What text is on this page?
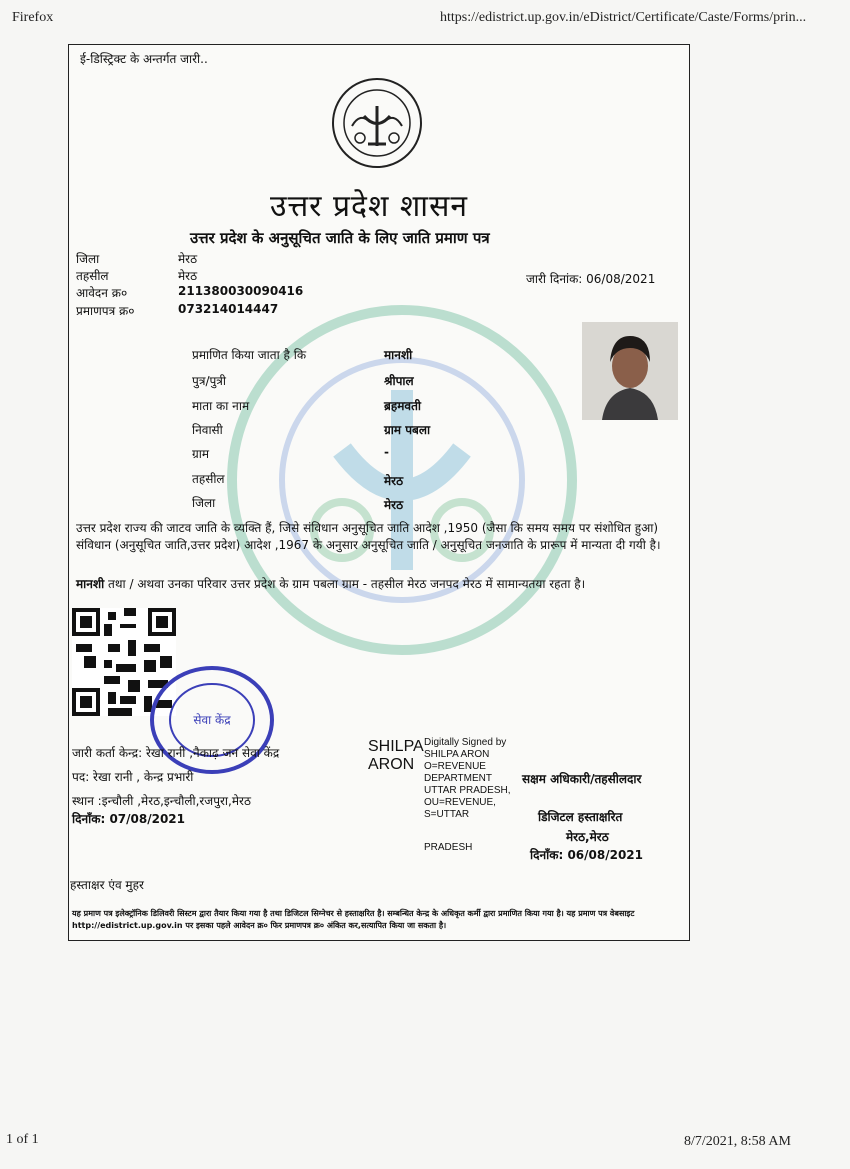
Firefox	https://edistrict.up.gov.in/eDistrict/Certificate/Caste/Forms/prin...
1 of 1	8/7/2021, 8:58 AM
ई-डिस्ट्रिक्ट के अन्तर्गत जारी..
उत्तर प्रदेश शासन
उत्तर प्रदेश के अनुसूचित जाति के लिए जाति प्रमाण पत्र
जिला	मेरठ
तहसील	मेरठ
आवेदन क्र०	211380030090416
प्रमाणपत्र क्र०	073214014447
जारी दिनांक: 06/08/2021
प्रमाणित किया जाता है कि	मानशी
पुत्र/पुत्री	श्रीपाल
माता का नाम	ब्रहमवती
निवासी	ग्राम पबला
ग्राम	-
तहसील	मेरठ
जिला	मेरठ
उत्तर प्रदेश राज्य की जाटव जाति के व्यक्ति हैं, जिसे संविधान अनुसूचित जाति आदेश ,1950 (जैसा कि समय समय पर संशोधित हुआ) संविधान (अनुसूचित जाति,उत्तर प्रदेश) आदेश ,1967 के अनुसार अनुसूचित जाति / अनुसूचित जनजाति के प्रारूप में मान्यता दी गयी है।
मानशी तथा / अथवा उनका परिवार उत्तर प्रदेश के ग्राम पबला ग्राम - तहसील मेरठ जनपद मेरठ में सामान्यतया रहता है।
सेवा केंद्र
जारी कर्ता केन्द्र: रेखा रानी ,नैकाढ़ जन सेवा केंद्र
पद: रेखा रानी , केन्द्र प्रभारी
स्थान :इन्चौली ,मेरठ,इन्चौली,रजपुरा,मेरठ
दिनाँक: 07/08/2021
SHILPA ARON
Digitally Signed by SHILPA ARON O=REVENUE DEPARTMENT UTTAR PRADESH, OU=REVENUE, S=UTTAR
PRADESH
सक्षम अधिकारी/तहसीलदार
डिजिटल हस्ताक्षरित
मेरठ,मेरठ
दिनाँक: 06/08/2021
हस्ताक्षर एंव मुहर
यह प्रमाण पत्र इलेक्ट्रॉनिक डिलिवरी सिस्टम द्वारा तैयार किया गया है तथा डिजिटल सिग्नेचर से हस्ताक्षरित है। सम्बन्धित केन्द्र के अधिकृत कर्मी द्वारा प्रमाणित किया गया है। यह प्रमाण पत्र वेबसाइट http://edistrict.up.gov.in पर इसका पहले आवेदन क्र० फिर प्रमाणपत्र क्र० अंकित कर,सत्यापित किया जा सकता है।
